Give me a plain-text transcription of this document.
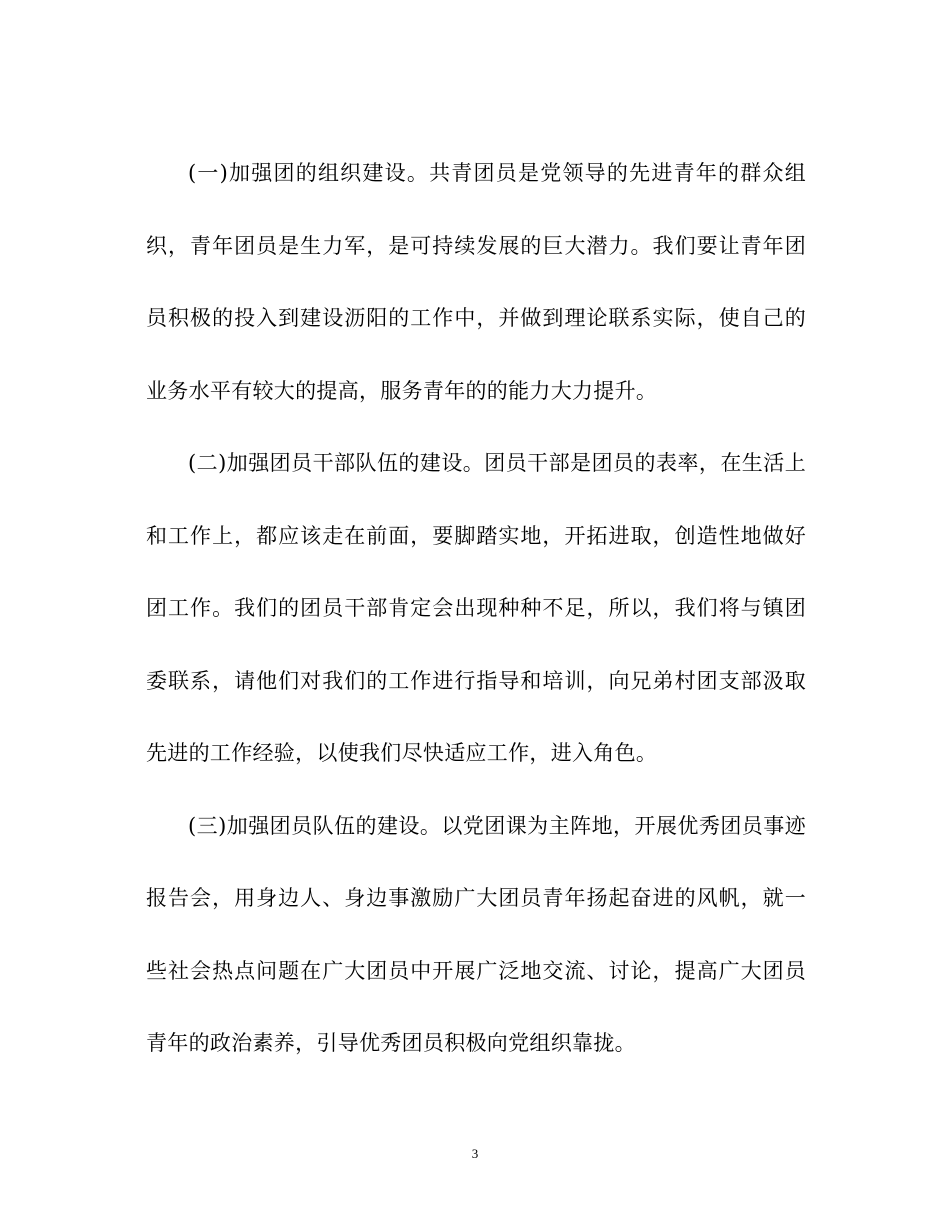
(一)加强团的组织建设。共青团员是党领导的先进青年的群众组织，青年团员是生力军，是可持续发展的巨大潜力。我们要让青年团员积极的投入到建设沥阳的工作中，并做到理论联系实际，使自己的业务水平有较大的提高，服务青年的的能力大力提升。

(二)加强团员干部队伍的建设。团员干部是团员的表率，在生活上和工作上，都应该走在前面，要脚踏实地，开拓进取，创造性地做好团工作。我们的团员干部肯定会出现种种不足，所以，我们将与镇团委联系，请他们对我们的工作进行指导和培训，向兄弟村团支部汲取先进的工作经验，以使我们尽快适应工作，进入角色。

(三)加强团员队伍的建设。以党团课为主阵地，开展优秀团员事迹报告会，用身边人、身边事激励广大团员青年扬起奋进的风帆，就一些社会热点问题在广大团员中开展广泛地交流、讨论，提高广大团员青年的政治素养，引导优秀团员积极向党组织靠拢。

3
